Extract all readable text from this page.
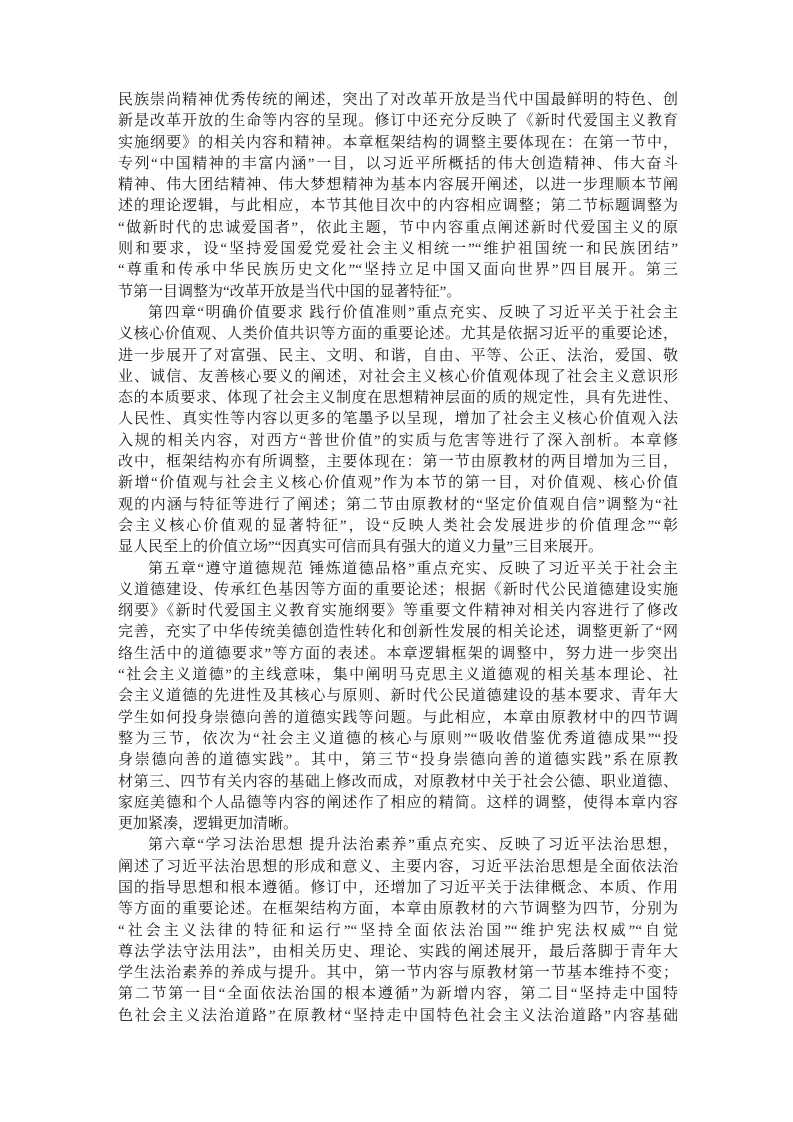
民族崇尚精神优秀传统的阐述，突出了对改革开放是当代中国最鲜明的特色、创
新是改革开放的生命等内容的呈现。修订中还充分反映了《新时代爱国主义教育
实施纲要》的相关内容和精神。本章框架结构的调整主要体现在：在第一节中，
专列“中国精神的丰富内涵”一目，以习近平所概括的伟大创造精神、伟大奋斗
精神、伟大团结精神、伟大梦想精神为基本内容展开阐述，以进一步理顺本节阐
述的理论逻辑，与此相应，本节其他目次中的内容相应调整；第二节标题调整为
“做新时代的忠诚爱国者”，依此主题，节中内容重点阐述新时代爱国主义的原
则和要求，设“坚持爱国爱党爱社会主义相统一”“维护祖国统一和民族团结”
“尊重和传承中华民族历史文化”“坚持立足中国又面向世界”四目展开。第三
节第一目调整为“改革开放是当代中国的显著特征”。
第四章“明确价值要求 践行价值准则”重点充实、反映了习近平关于社会主
义核心价值观、人类价值共识等方面的重要论述。尤其是依据习近平的重要论述，
进一步展开了对富强、民主、文明、和谐，自由、平等、公正、法治，爱国、敬
业、诚信、友善核心要义的阐述，对社会主义核心价值观体现了社会主义意识形
态的本质要求、体现了社会主义制度在思想精神层面的质的规定性，具有先进性、
人民性、真实性等内容以更多的笔墨予以呈现，增加了社会主义核心价值观入法
入规的相关内容，对西方“普世价值”的实质与危害等进行了深入剖析。本章修
改中，框架结构亦有所调整，主要体现在：第一节由原教材的两目增加为三目，
新增“价值观与社会主义核心价值观”作为本节的第一目，对价值观、核心价值
观的内涵与特征等进行了阐述；第二节由原教材的“坚定价值观自信”调整为“社
会主义核心价值观的显著特征”，设“反映人类社会发展进步的价值理念”“彰
显人民至上的价值立场”“因真实可信而具有强大的道义力量”三目来展开。
第五章“遵守道德规范 锤炼道德品格”重点充实、反映了习近平关于社会主
义道德建设、传承红色基因等方面的重要论述；根据《新时代公民道德建设实施
纲要》《新时代爱国主义教育实施纲要》等重要文件精神对相关内容进行了修改
完善，充实了中华传统美德创造性转化和创新性发展的相关论述，调整更新了“网
络生活中的道德要求”等方面的表述。本章逻辑框架的调整中，努力进一步突出
“社会主义道德”的主线意味，集中阐明马克思主义道德观的相关基本理论、社
会主义道德的先进性及其核心与原则、新时代公民道德建设的基本要求、青年大
学生如何投身崇德向善的道德实践等问题。与此相应，本章由原教材中的四节调
整为三节，依次为“社会主义道德的核心与原则”“吸收借鉴优秀道德成果”“投
身崇德向善的道德实践”。其中，第三节“投身崇德向善的道德实践”系在原教
材第三、四节有关内容的基础上修改而成，对原教材中关于社会公德、职业道德、
家庭美德和个人品德等内容的阐述作了相应的精简。这样的调整，使得本章内容
更加紧凑，逻辑更加清晰。
第六章“学习法治思想 提升法治素养”重点充实、反映了习近平法治思想，
阐述了习近平法治思想的形成和意义、主要内容，习近平法治思想是全面依法治
国的指导思想和根本遵循。修订中，还增加了习近平关于法律概念、本质、作用
等方面的重要论述。在框架结构方面，本章由原教材的六节调整为四节，分别为
“社会主义法律的特征和运行”“坚持全面依法治国”“维护宪法权威”“自觉
尊法学法守法用法”，由相关历史、理论、实践的阐述展开，最后落脚于青年大
学生法治素养的养成与提升。其中，第一节内容与原教材第一节基本维持不变；
第二节第一目“全面依法治国的根本遵循”为新增内容，第二目“坚持走中国特
色社会主义法治道路”在原教材“坚持走中国特色社会主义法治道路”内容基础
